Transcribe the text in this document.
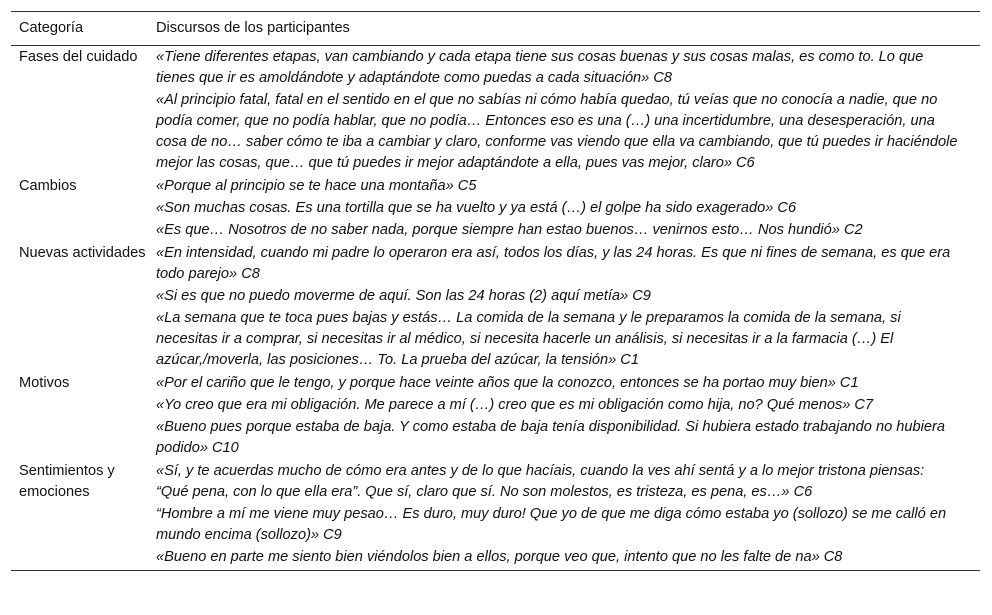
Categoría	Discursos de los participantes
Fases del cuidado	«Tiene diferentes etapas, van cambiando y cada etapa tiene sus cosas buenas y sus cosas malas, es como to. Lo que tienes que ir es amoldándote y adaptándote como puedas a cada situación» C8
«Al principio fatal, fatal en el sentido en el que no sabías ni cómo había quedao, tú veías que no conocía a nadie, que no podía comer, que no podía hablar, que no podía… Entonces eso es una (…) una incertidumbre, una desesperación, una cosa de no… saber cómo te iba a cambiar y claro, conforme vas viendo que ella va cambiando, que tú puedes ir haciéndole mejor las cosas, que… que tú puedes ir mejor adaptándote a ella, pues vas mejor, claro» C6

Cambios	«Porque al principio se te hace una montaña» C5
«Son muchas cosas. Es una tortilla que se ha vuelto y ya está (…) el golpe ha sido exagerado» C6
«Es que… Nosotros de no saber nada, porque siempre han estao buenos… venirnos esto… Nos hundió» C2

Nuevas actividades	«En intensidad, cuando mi padre lo operaron era así, todos los días, y las 24 horas. Es que ni fines de semana, es que era todo parejo» C8
«Si es que no puedo moverme de aquí. Son las 24 horas (2) aquí metía» C9
«La semana que te toca pues bajas y estás… La comida de la semana y le preparamos la comida de la semana, si necesitas ir a comprar, si necesitas ir al médico, si necesita hacerle un análisis, si necesitas ir a la farmacia (…) El azúcar,/moverla, las posiciones… To. La prueba del azúcar, la tensión» C1

Motivos	«Por el cariño que le tengo, y porque hace veinte años que la conozco, entonces se ha portao muy bien» C1
«Yo creo que era mi obligación. Me parece a mí (…) creo que es mi obligación como hija, no? Qué menos» C7
«Bueno pues porque estaba de baja. Y como estaba de baja tenía disponibilidad. Si hubiera estado trabajando no hubiera podido» C10

Sentimientos y emociones	«Sí, y te acuerdas mucho de cómo era antes y de lo que hacíais, cuando la ves ahí sentá y a lo mejor tristona piensas: “Qué pena, con lo que ella era”. Que sí, claro que sí. No son molestos, es tristeza, es pena, es…» C6
“Hombre a mí me viene muy pesao… Es duro, muy duro! Que yo de que me diga cómo estaba yo (sollozo) se me calló en mundo encima (sollozo)» C9
«Bueno en parte me siento bien viéndolos bien a ellos, porque veo que, intento que no les falte de na» C8
